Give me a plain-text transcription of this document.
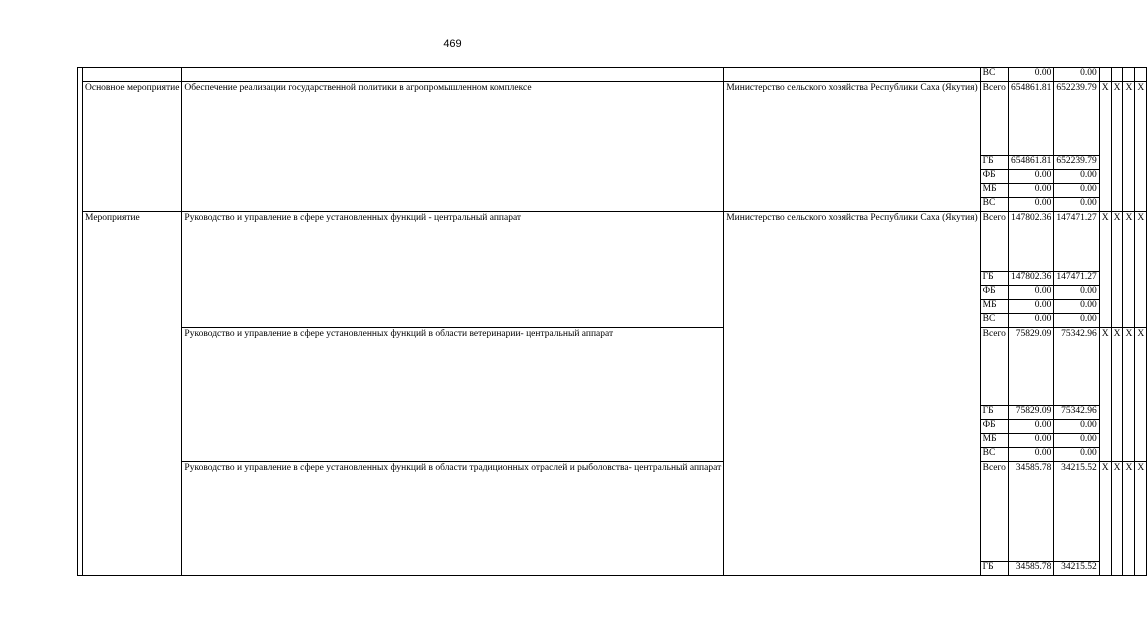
469
				ВС	0.00	0.00				
	Основное мероприятие	Обеспечение реализации государственной политики в агропромышленном комплексе	Министерство сельского хозяйства Республики Саха (Якутия)	Всего	654861.81	652239.79	X	X	X	X
				ГБ	654861.81	652239.79				
				ФБ	0.00	0.00				
				МБ	0.00	0.00				
				ВС	0.00	0.00				
	Мероприятие	Руководство и управление в сфере установленных функций - центральный аппарат	Министерство сельского хозяйства Республики Саха (Якутия)	Всего	147802.36	147471.27	X	X	X	X
				ГБ	147802.36	147471.27				
				ФБ	0.00	0.00				
				МБ	0.00	0.00				
				ВС	0.00	0.00				
		Руководство и управление в сфере установленных функций в области ветеринарии- центральный аппарат		Всего	75829.09	75342.96	X	X	X	X
				ГБ	75829.09	75342.96				
				ФБ	0.00	0.00				
				МБ	0.00	0.00				
				ВС	0.00	0.00				
		Руководство и управление в сфере установленных функций в области традиционных отраслей и рыболовства- центральный аппарат		Всего	34585.78	34215.52	X	X	X	X
				ГБ	34585.78	34215.52				
